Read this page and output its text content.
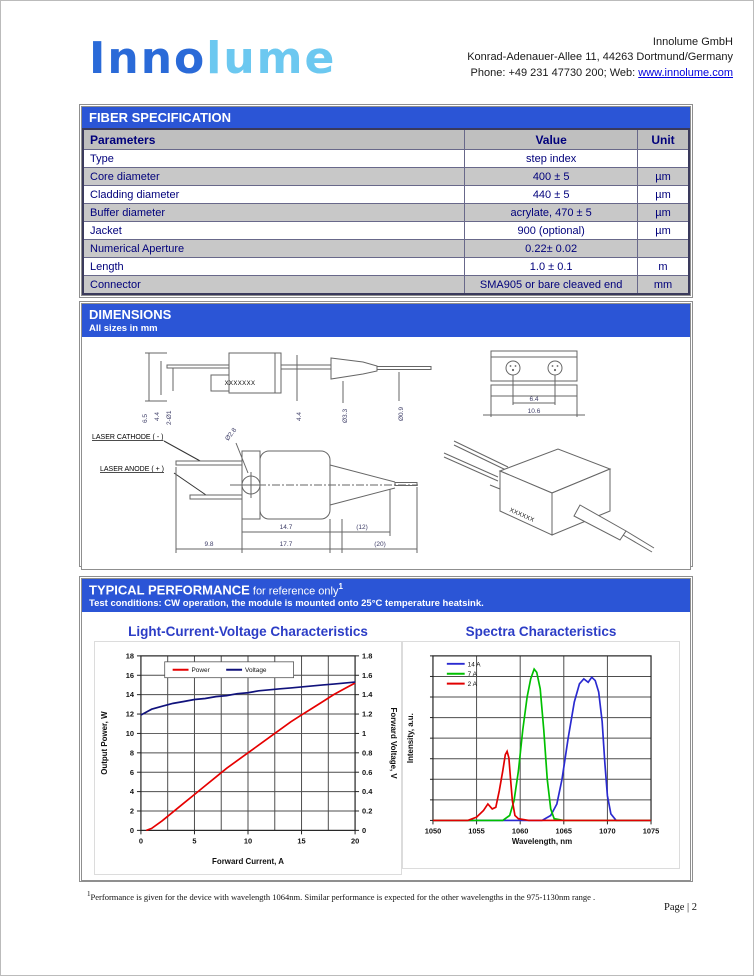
Innolume	Innolume GmbH
Konrad-Adenauer-Allee 11, 44263 Dortmund/Germany
Phone: +49 231 47730 200; Web: www.innolume.com
FIBER SPECIFICATION
Parameters	Value	Unit
Type	step index	
Core diameter	400 ± 5	µm
Cladding diameter	440 ± 5	µm
Buffer diameter	acrylate, 470 ± 5	µm
Jacket	900 (optional)	µm
Numerical Aperture	0.22± 0.02	
Length	1.0 ± 0.1	m
Connector	SMA905 or bare cleaved end	mm
DIMENSIONS
All sizes in mm
XXXXXXX
6.5 4.4 2-Ø1	4.4	Ø3.3	Ø0.9
6.4
10.6
LASER CATHODE ( - )
LASER ANODE ( + )
Ø2.8
14.7	(12)
9.8	17.7	(20)
XXXXXX
TYPICAL PERFORMANCE for reference only$^1$
Test conditions: CW operation, the module is mounted onto 25°C temperature heatsink.
Light-Current-Voltage Characteristics
0
2
4
6
8
10
12
14
16
18
0
0.2
0.4
0.6
0.8
1
1.2
1.4
1.6
1.8
0	5	10	15	20
Forward Current, A
Output Power, W	Forward Voltage, V
Power	Voltage
Spectra Characteristics
1050	1055	1060	1065	1070	1075
Wavelength, nm
Intensity, a.u.
14 A
7 A
2 A
$^1$Performance is given for the device with wavelength 1064nm. Similar performance is expected for the other wavelengths in the 975-1130nm range .
Page | 2
